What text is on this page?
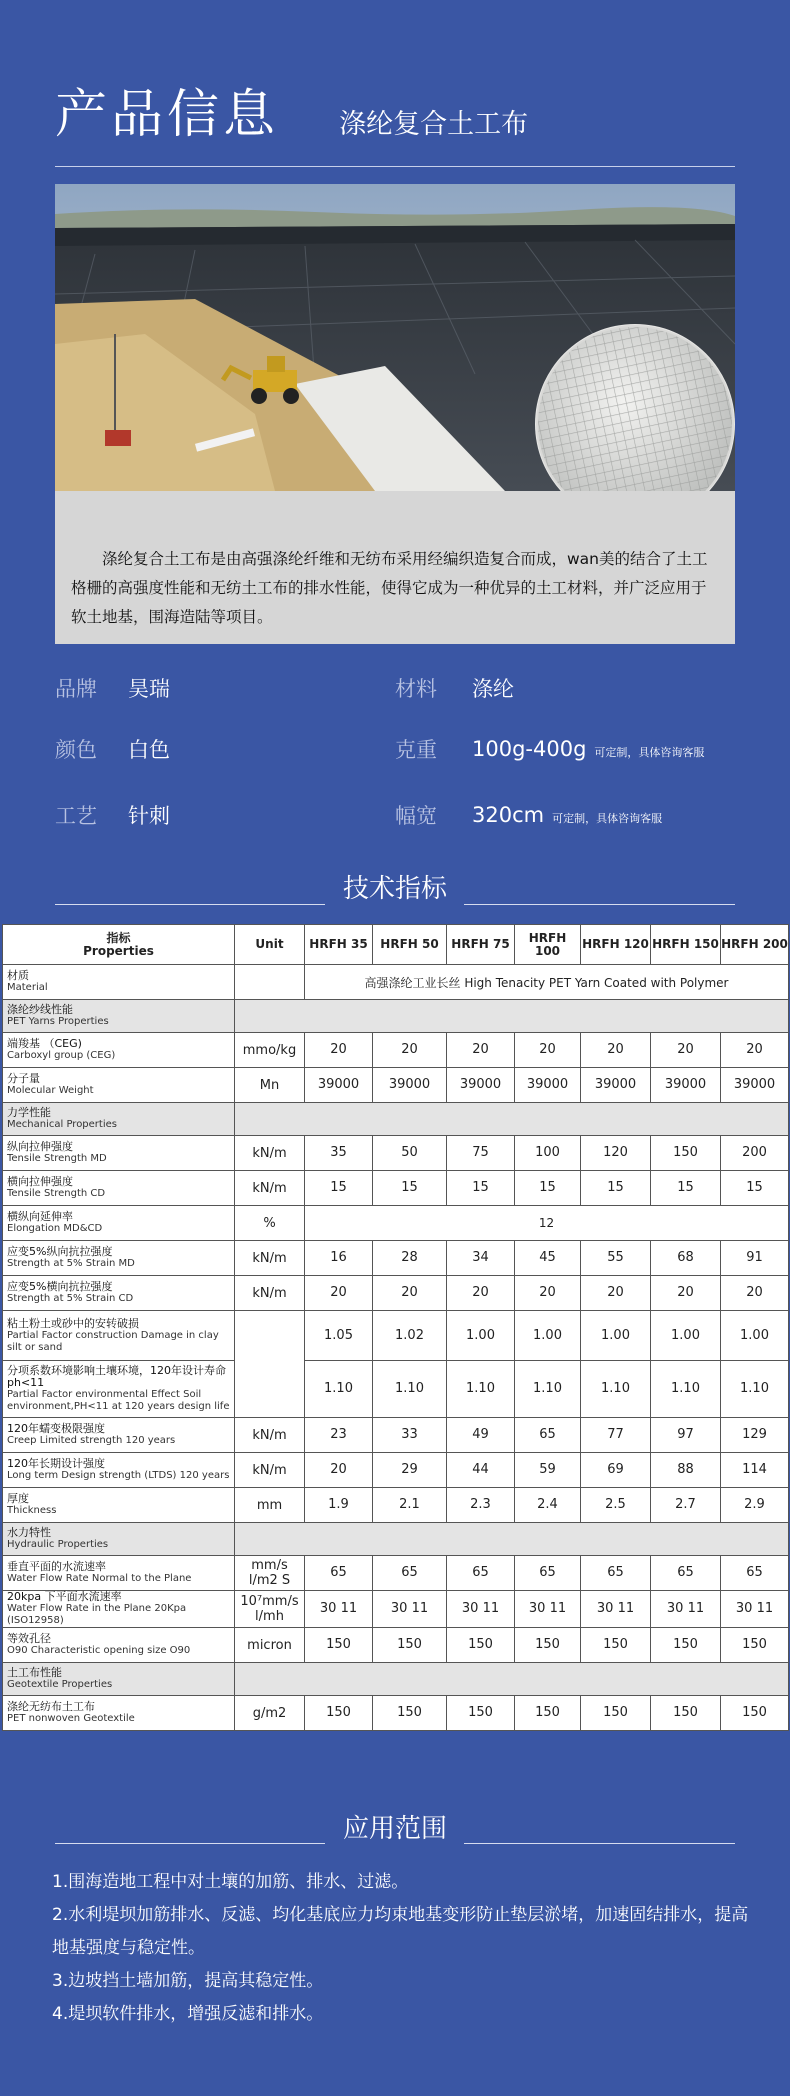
产品信息 涤纶复合土工布
涤纶复合土工布是由高强涤纶纤维和无纺布采用经编织造复合而成，wan美的结合了土工格栅的高强度性能和无纺土工布的排水性能，使得它成为一种优异的土工材料，并广泛应用于软土地基，围海造陆等项目。
品牌	昊瑞	材料	涤纶
颜色	白色	克重	100g-400g 可定制，具体咨询客服
工艺	针刺	幅宽	320cm 可定制，具体咨询客服
技术指标
指标
Properties	Unit	HRFH 35	HRFH 50	HRFH 75	HRFH 100	HRFH 120	HRFH 150	HRFH 200

材质
Material		高强涤纶工业长丝 High Tenacity PET Yarn Coated with Polymer						

涤纶纱线性能
PET Yarns Properties								

端羧基 （CEG)
Carboxyl group (CEG)	mmo/kg	20	20	20	20	20	20	20

分子量
Molecular Weight	Mn	39000	39000	39000	39000	39000	39000	39000

力学性能
Mechanical Properties								

纵向拉伸强度
Tensile Strength MD	kN/m	35	50	75	100	120	150	200

横向拉伸强度
Tensile Strength CD	kN/m	15	15	15	15	15	15	15

横纵向延伸率
Elongation MD&CD	%	12						

应变5%纵向抗拉强度
Strength at 5% Strain MD	kN/m	16	28	34	45	55	68	91

应变5%横向抗拉强度
Strength at 5% Strain CD	kN/m	20	20	20	20	20	20	20

粘土粉土或砂中的安转破损
Partial Factor construction Damage in clay silt or sand		1.05	1.02	1.00	1.00	1.00	1.00	1.00

分项系数环境影响土壤环境，120年设计寿命 ph<11
Partial Factor environmental Effect Soil environment,PH<11 at 120 years design life		1.10	1.10	1.10	1.10	1.10	1.10	1.10

120年蠕变极限强度
Creep Limited strength 120 years	kN/m	23	33	49	65	77	97	129

120年长期设计强度
Long term Design strength (LTDS) 120 years	kN/m	20	29	44	59	69	88	114

厚度
Thickness	mm	1.9	2.1	2.3	2.4	2.5	2.7	2.9

水力特性
Hydraulic Properties								

垂直平面的水流速率
Water Flow Rate Normal to the Plane	mm/s l/m2 S	65	65	65	65	65	65	65

20kpa 下平面水流速率
Water Flow Rate in the Plane 20Kpa (ISO12958)	10⁷mm/s l/mh	30 11	30 11	30 11	30 11	30 11	30 11	30 11

等效孔径
O90 Characteristic opening size O90	micron	150	150	150	150	150	150	150

土工布性能
Geotextile Properties								

涤纶无纺布土工布
PET nonwoven Geotextile	g/m2	150	150	150	150	150	150	150
应用范围
1.围海造地工程中对土壤的加筋、排水、过滤。
2.水利堤坝加筋排水、反滤、均化基底应力均束地基变形防止垫层淤堵，加速固结排水，提高地基强度与稳定性。
3.边坡挡土墙加筋，提高其稳定性。
4.堤坝软件排水，增强反滤和排水。
